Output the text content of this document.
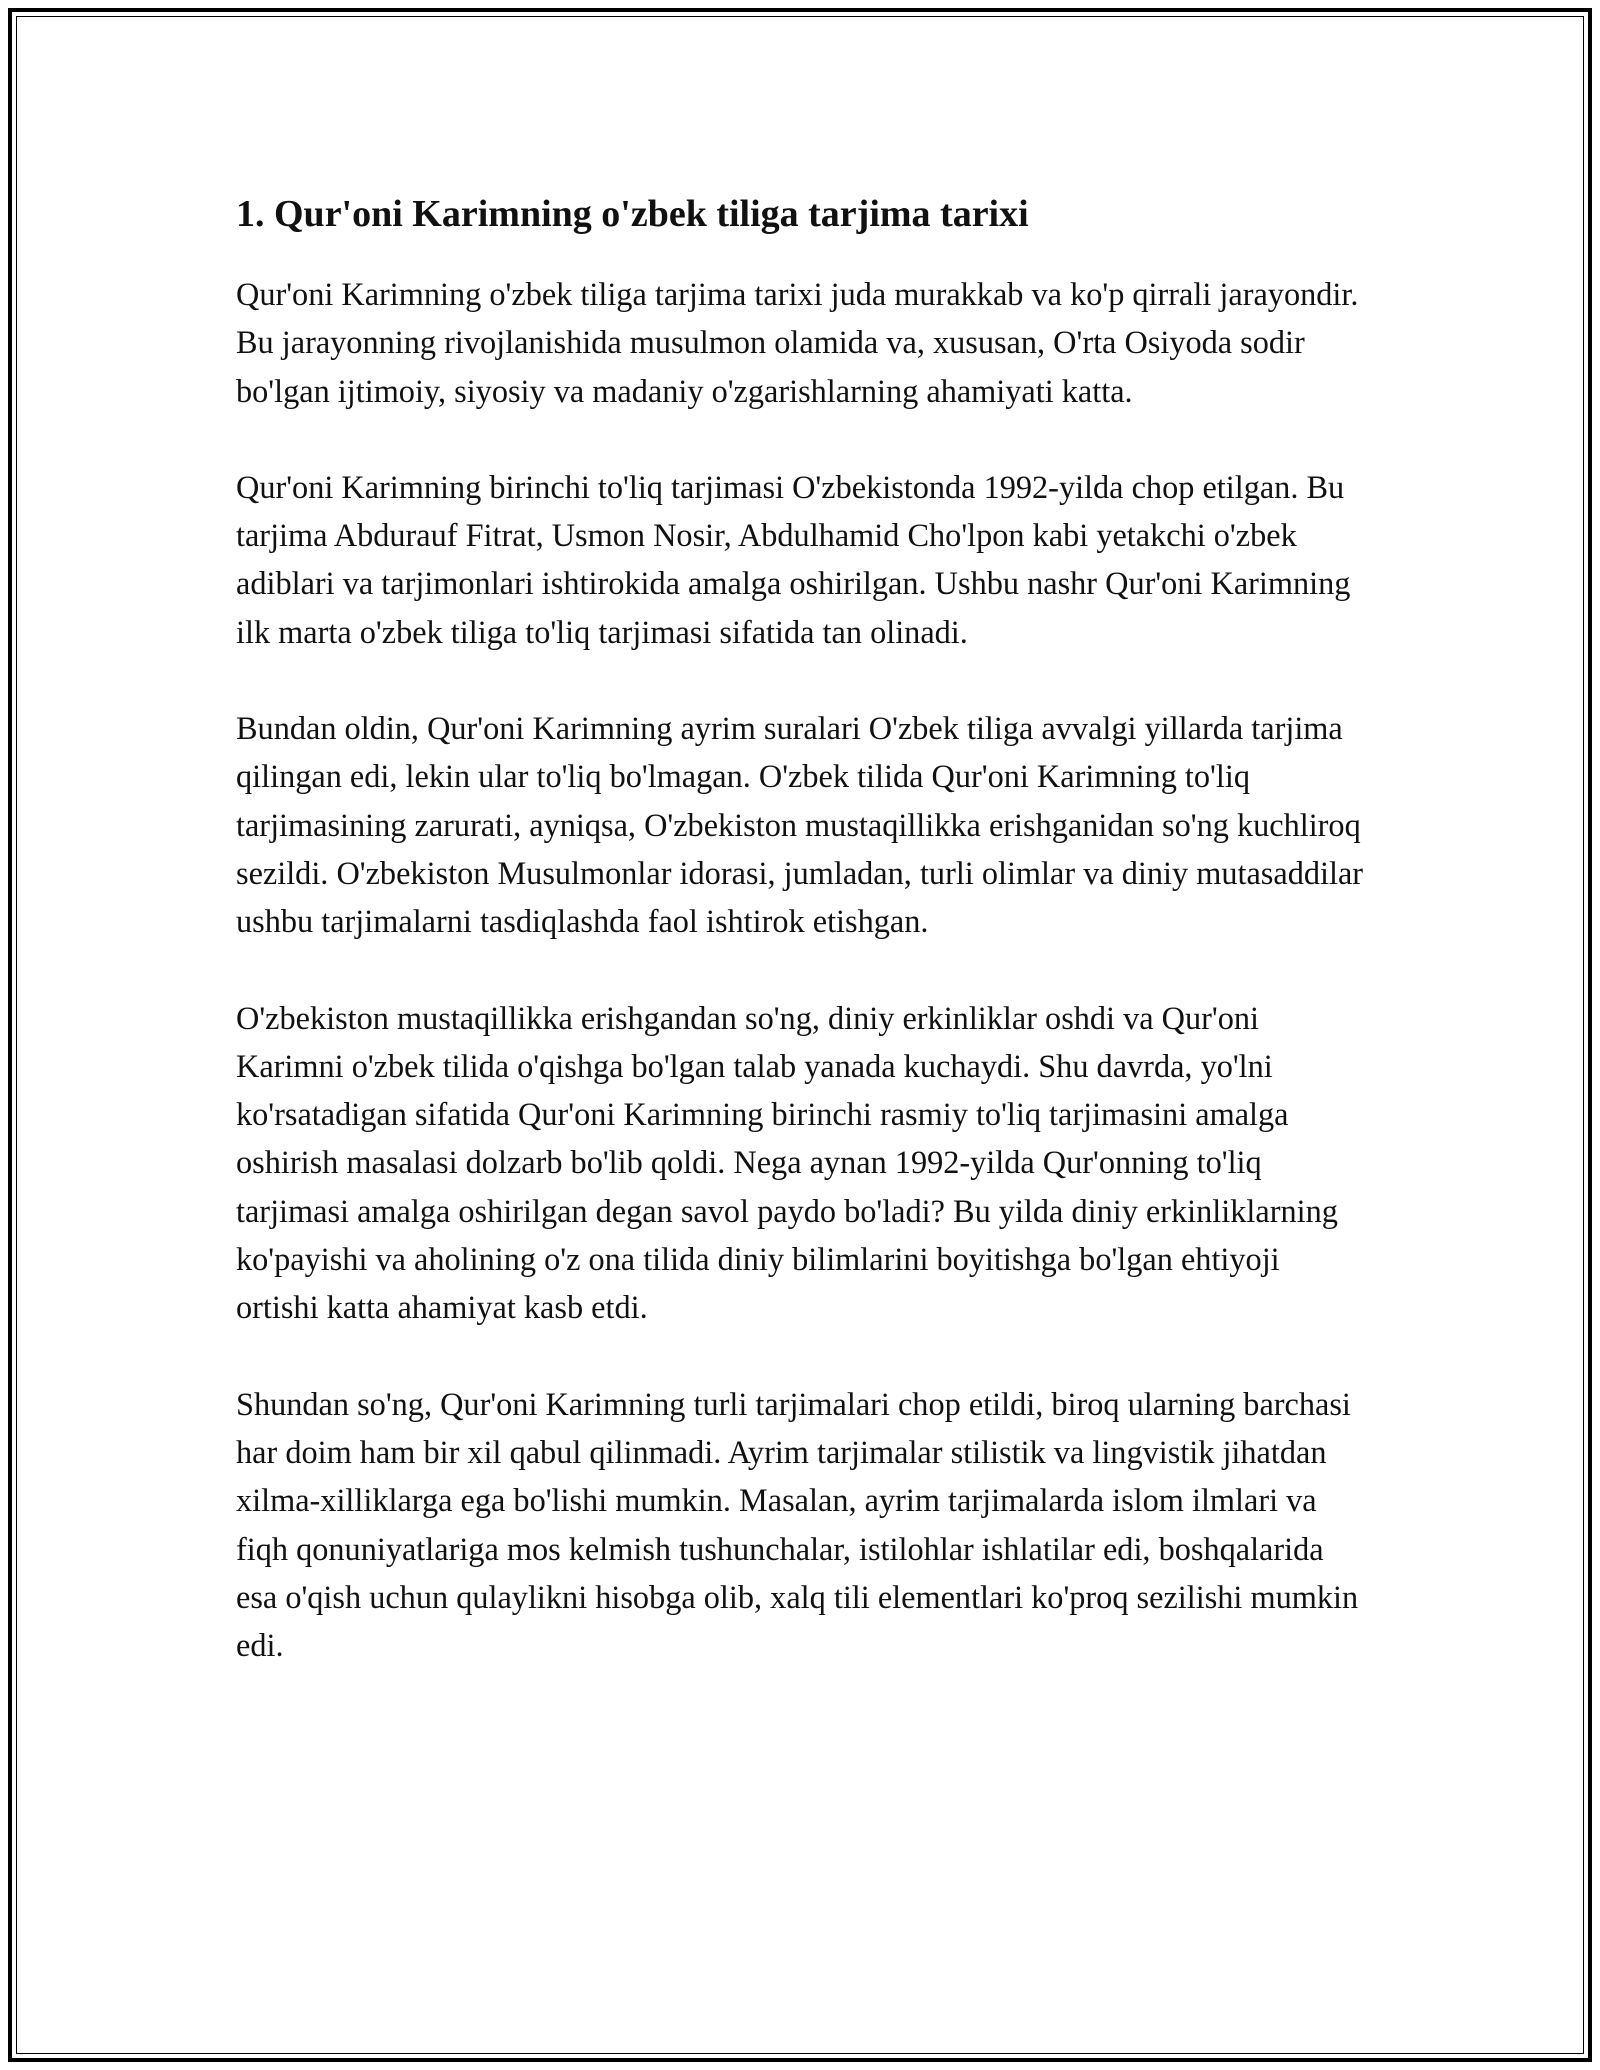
1. Qur'oni Karimning o'zbek tiligа tarjima tarixi

Qur'oni Karimning o'zbek tiliga tarjima tarixi juda murakkab va ko'p qirrali jarayondir. Bu jarayonning rivojlanishida musulmon olamida va, xususan, O'rta Osiyoda sodir bo'lgan ijtimoiy, siyosiy va madaniy o'zgarishlarning ahamiyati katta.

Qur'oni Karimning birinchi to'liq tarjimasi O'zbekistonda 1992-yilda chop etilgan. Bu tarjima Abdurauf Fitrat, Usmon Nosir, Abdulhamid Cho'lpon kabi yetakchi o'zbek adiblari va tarjimonlari ishtirokida amalga oshirilgan. Ushbu nashr Qur'oni Karimning ilk marta o'zbek tiliga to'liq tarjimasi sifatida tan olinadi.

Bundan oldin, Qur'oni Karimning ayrim suralari O'zbek tiliga avvalgi yillarda tarjima qilingan edi, lekin ular to'liq bo'lmagan. O'zbek tilida Qur'oni Karimning to'liq tarjimasining zarurati, ayniqsa, O'zbekiston mustaqillikka erishganidan so'ng kuchliroq sezildi. O'zbekiston Musulmonlar idorasi, jumladan, turli olimlar va diniy mutasaddilar ushbu tarjimalarni tasdiqlashda faol ishtirok etishgan.

O'zbekiston mustaqillikka erishgandan so'ng, diniy erkinliklar oshdi va Qur'oni Karimni o'zbek tilida o'qishga bo'lgan talab yanada kuchaydi. Shu davrda, yo'lni ko'rsatadigan sifatida Qur'oni Karimning birinchi rasmiy to'liq tarjimasini amalga oshirish masalasi dolzarb bo'lib qoldi. Nega aynan 1992-yilda Qur'onning to'liq tarjimasi amalga oshirilgan degan savol paydo bo'ladi? Bu yilda diniy erkinliklarning ko'payishi va aholining o'z ona tilida diniy bilimlarini boyitishga bo'lgan ehtiyoji ortishi katta ahamiyat kasb etdi.

Shundan so'ng, Qur'oni Karimning turli tarjimalari chop etildi, biroq ularning barchasi har doim ham bir xil qabul qilinmadi. Ayrim tarjimalar stilistik va lingvistik jihatdan xilma-xilliklarga ega bo'lishi mumkin. Masalan, ayrim tarjimalarda islom ilmlari va fiqh qonuniyatlariga mos kelmish tushunchalar, istilohlar ishlatilar edi, boshqalarida esa o'qish uchun qulaylikni hisobga olib, xalq tili elementlari ko'proq sezilishi mumkin edi.
